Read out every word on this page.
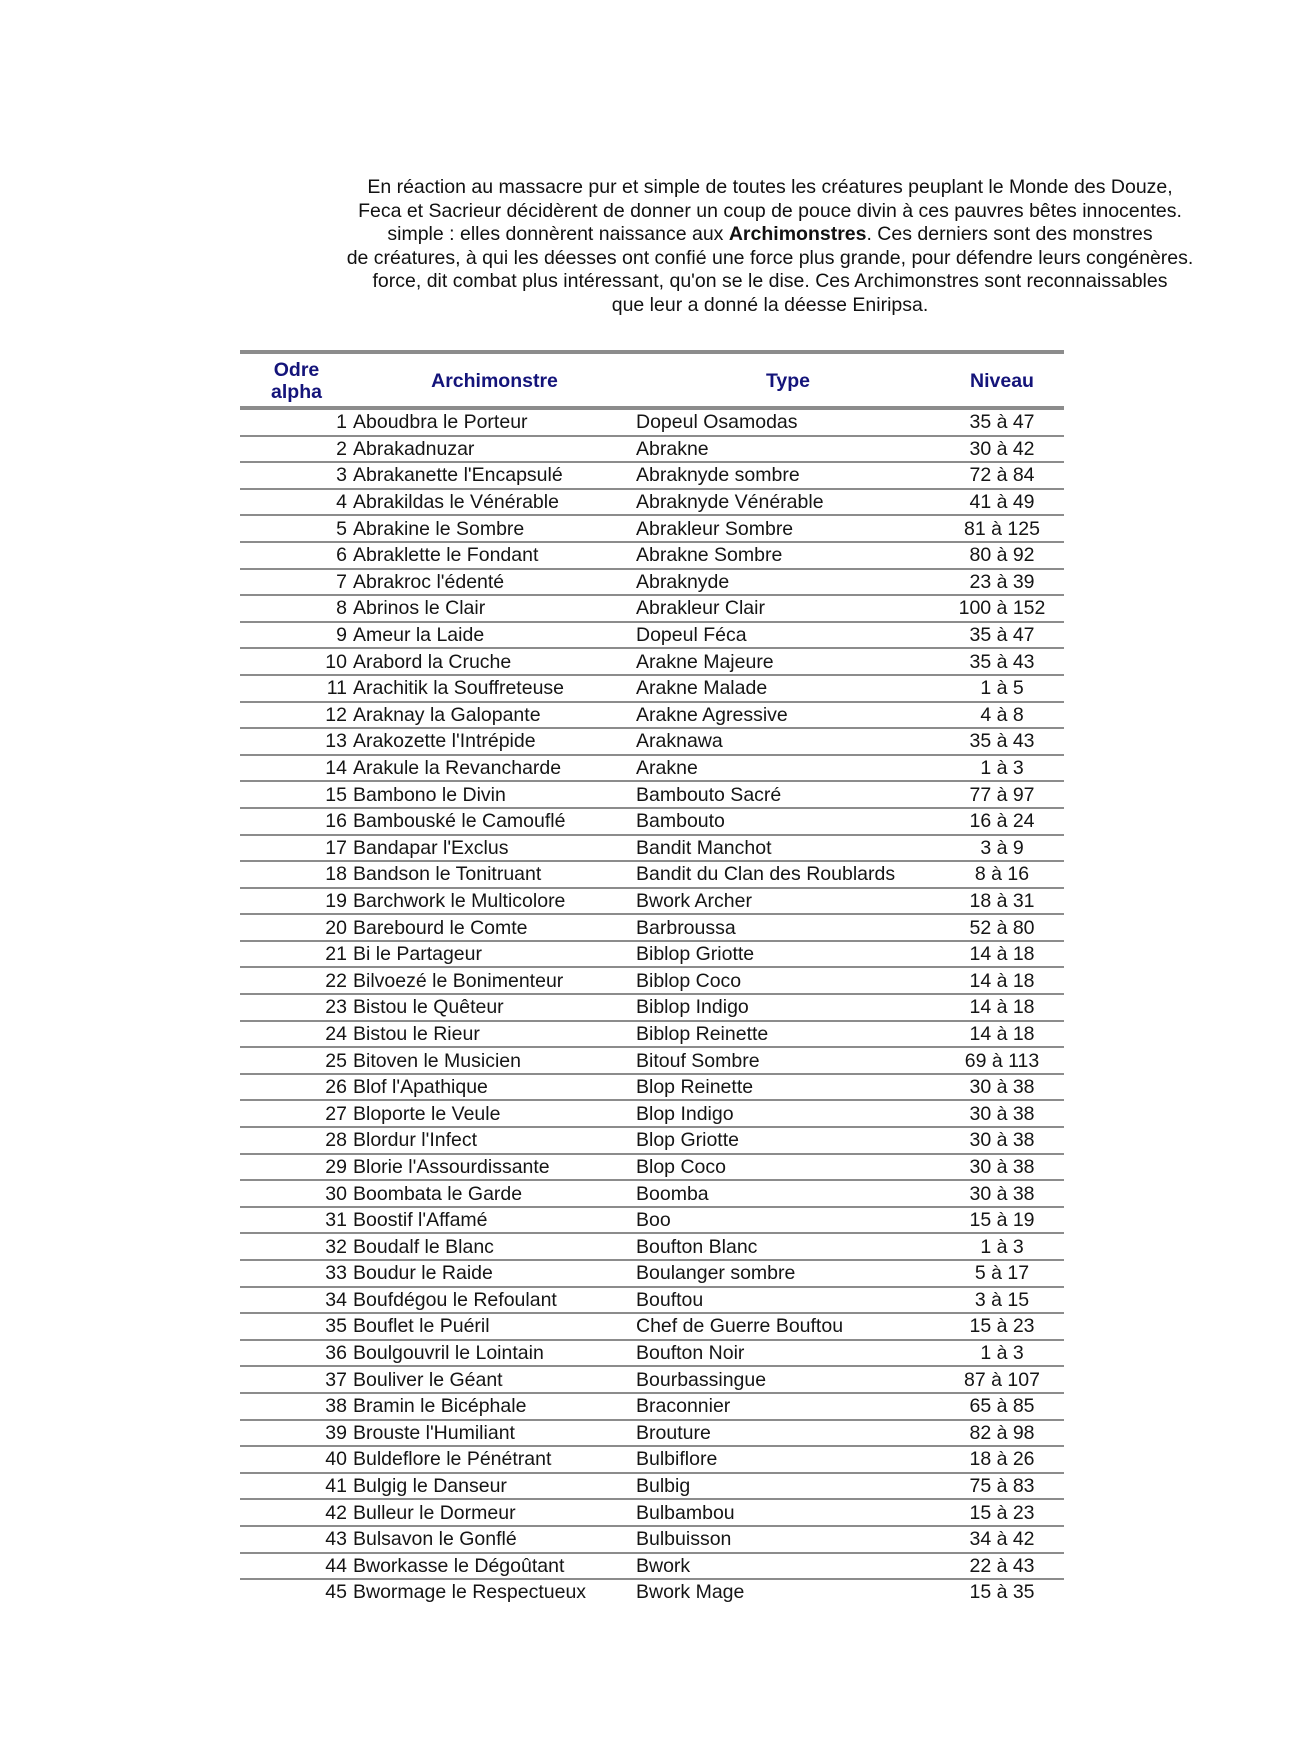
En réaction au massacre pur et simple de toutes les créatures peuplant le Monde des Douze,
Feca et Sacrieur décidèrent de donner un coup de pouce divin à ces pauvres bêtes innocentes.
simple : elles donnèrent naissance aux Archimonstres. Ces derniers sont des monstres
de créatures, à qui les déesses ont confié une force plus grande, pour défendre leurs congénères.
force, dit combat plus intéressant, qu'on se le dise. Ces Archimonstres sont reconnaissables
que leur a donné la déesse Eniripsa.
Odre
alpha	Archimonstre	Type	Niveau
1	Aboudbra le Porteur	Dopeul Osamodas	35 à 47
2	Abrakadnuzar	Abrakne	30 à 42
3	Abrakanette l'Encapsulé	Abraknyde sombre	72 à 84
4	Abrakildas le Vénérable	Abraknyde Vénérable	41 à 49
5	Abrakine le Sombre	Abrakleur Sombre	81 à 125
6	Abraklette le Fondant	Abrakne Sombre	80 à 92
7	Abrakroc l'édenté	Abraknyde	23 à 39
8	Abrinos le Clair	Abrakleur Clair	100 à 152
9	Ameur la Laide	Dopeul Féca	35 à 47
10	Arabord la Cruche	Arakne Majeure	35 à 43
11	Arachitik la Souffreteuse	Arakne Malade	1 à 5
12	Araknay la Galopante	Arakne Agressive	4 à 8
13	Arakozette l'Intrépide	Araknawa	35 à 43
14	Arakule la Revancharde	Arakne	1 à 3
15	Bambono le Divin	Bambouto Sacré	77 à 97
16	Bambouské le Camouflé	Bambouto	16 à 24
17	Bandapar l'Exclus	Bandit Manchot	3 à 9
18	Bandson le Tonitruant	Bandit du Clan des Roublards	8 à 16
19	Barchwork le Multicolore	Bwork Archer	18 à 31
20	Barebourd le Comte	Barbroussa	52 à 80
21	Bi le Partageur	Biblop Griotte	14 à 18
22	Bilvoezé le Bonimenteur	Biblop Coco	14 à 18
23	Bistou le Quêteur	Biblop Indigo	14 à 18
24	Bistou le Rieur	Biblop Reinette	14 à 18
25	Bitoven le Musicien	Bitouf Sombre	69 à 113
26	Blof l'Apathique	Blop Reinette	30 à 38
27	Bloporte le Veule	Blop Indigo	30 à 38
28	Blordur l'Infect	Blop Griotte	30 à 38
29	Blorie l'Assourdissante	Blop Coco	30 à 38
30	Boombata le Garde	Boomba	30 à 38
31	Boostif l'Affamé	Boo	15 à 19
32	Boudalf le Blanc	Boufton Blanc	1 à 3
33	Boudur le Raide	Boulanger sombre	5 à 17
34	Boufdégou le Refoulant	Bouftou	3 à 15
35	Bouflet le Puéril	Chef de Guerre Bouftou	15 à 23
36	Boulgouvril le Lointain	Boufton Noir	1 à 3
37	Bouliver le Géant	Bourbassingue	87 à 107
38	Bramin le Bicéphale	Braconnier	65 à 85
39	Brouste l'Humiliant	Brouture	82 à 98
40	Buldeflore le Pénétrant	Bulbiflore	18 à 26
41	Bulgig le Danseur	Bulbig	75 à 83
42	Bulleur le Dormeur	Bulbambou	15 à 23
43	Bulsavon le Gonflé	Bulbuisson	34 à 42
44	Bworkasse le Dégoûtant	Bwork	22 à 43
45	Bwormage le Respectueux	Bwork Mage	15 à 35
